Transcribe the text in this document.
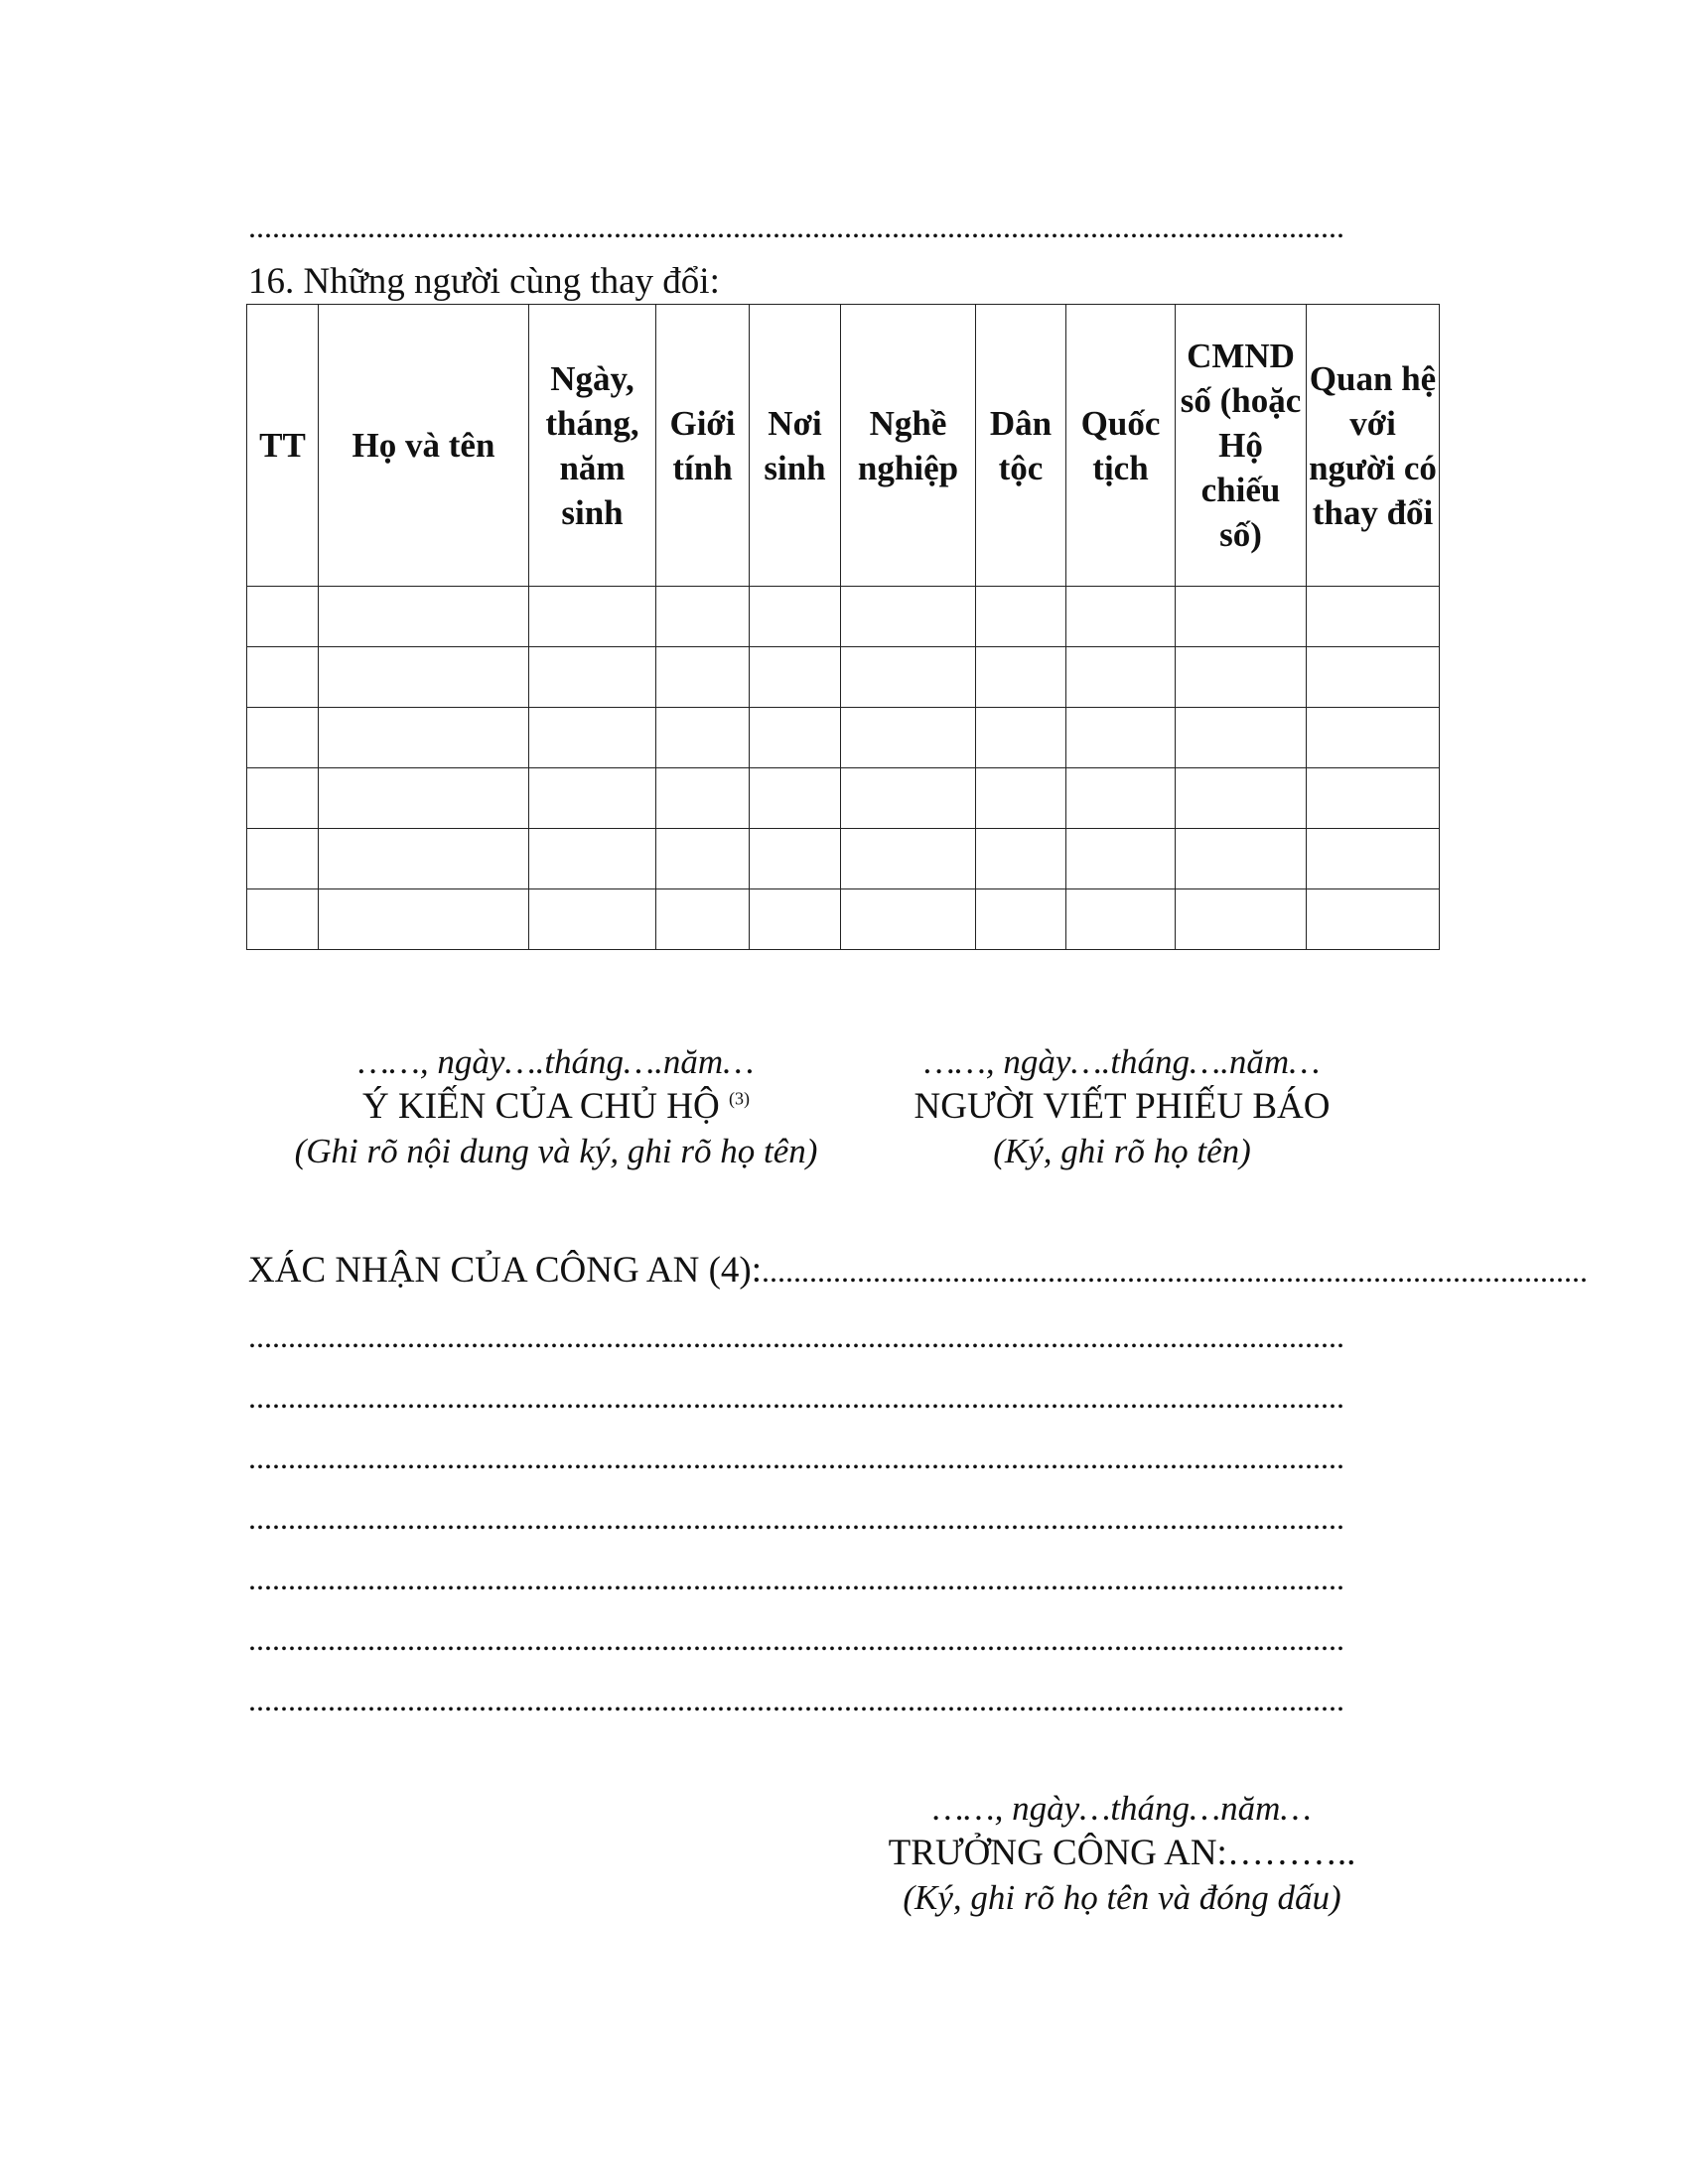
..........................................................................................................................................
16. Những người cùng thay đổi:
TT	Họ và tên	Ngày, tháng, năm sinh	Giới tính	Nơi sinh	Nghề nghiệp	Dân tộc	Quốc tịch	CMND số (hoặc Hộ chiếu số)	Quan hệ với người có thay đổi

……, ngày….tháng….năm…
Ý KIẾN CỦA CHỦ HỘ $^{(3)}$
(Ghi rõ nội dung và ký, ghi rõ họ tên)
……, ngày….tháng….năm…
NGƯỜI VIẾT PHIẾU BÁO
(Ký, ghi rõ họ tên)
XÁC NHẬN CỦA CÔNG AN (4):........................................................................................................
..........................................................................................................................................
..........................................................................................................................................
..........................................................................................................................................
..........................................................................................................................................
..........................................................................................................................................
..........................................................................................................................................
..........................................................................................................................................
……, ngày…tháng…năm…
TRƯỞNG CÔNG AN:………..
(Ký, ghi rõ họ tên và đóng dấu)
